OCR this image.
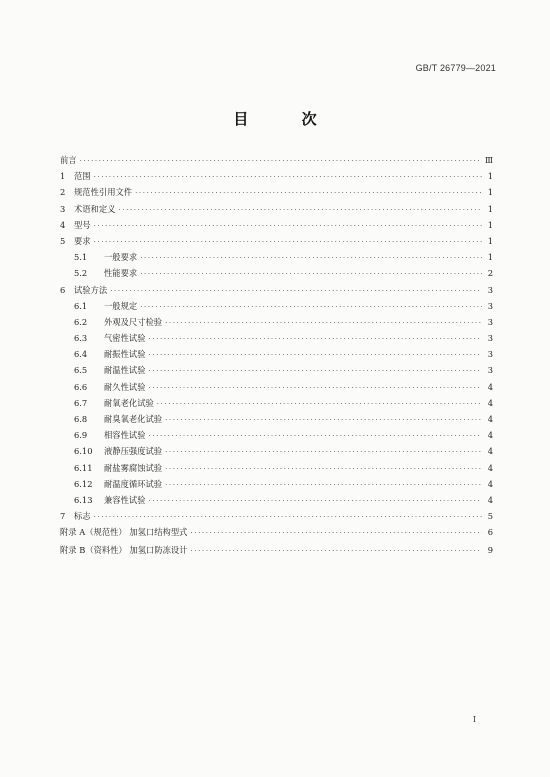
GB/T 26779—2021
目 次
前言 ·····	Ⅲ
1	范围 ·····	1
2	规范性引用文件 ·····	1
3	术语和定义 ·····	1
4	型号 ·····	1
5	要求 ·····	1
5.1	一般要求 ·····	1
5.2	性能要求 ·····	2
6	试验方法 ·····	3
6.1	一般规定 ·····	3
6.2	外观及尺寸检验 ·····	3
6.3	气密性试验 ·····	3
6.4	耐振性试验 ·····	3
6.5	耐温性试验 ·····	3
6.6	耐久性试验 ·····	4
6.7	耐氧老化试验 ·····	4
6.8	耐臭氧老化试验 ·····	4
6.9	相容性试验 ·····	4
6.10	液静压强度试验 ·····	4
6.11	耐盐雾腐蚀试验 ·····	4
6.12	耐温度循环试验 ·····	4
6.13	兼容性试验 ·····	4
7	标志 ·····	5
附录 A（规范性） 加氢口结构型式 ·····	6
附录 B（资料性） 加氢口防冻设计 ·····	9
I
